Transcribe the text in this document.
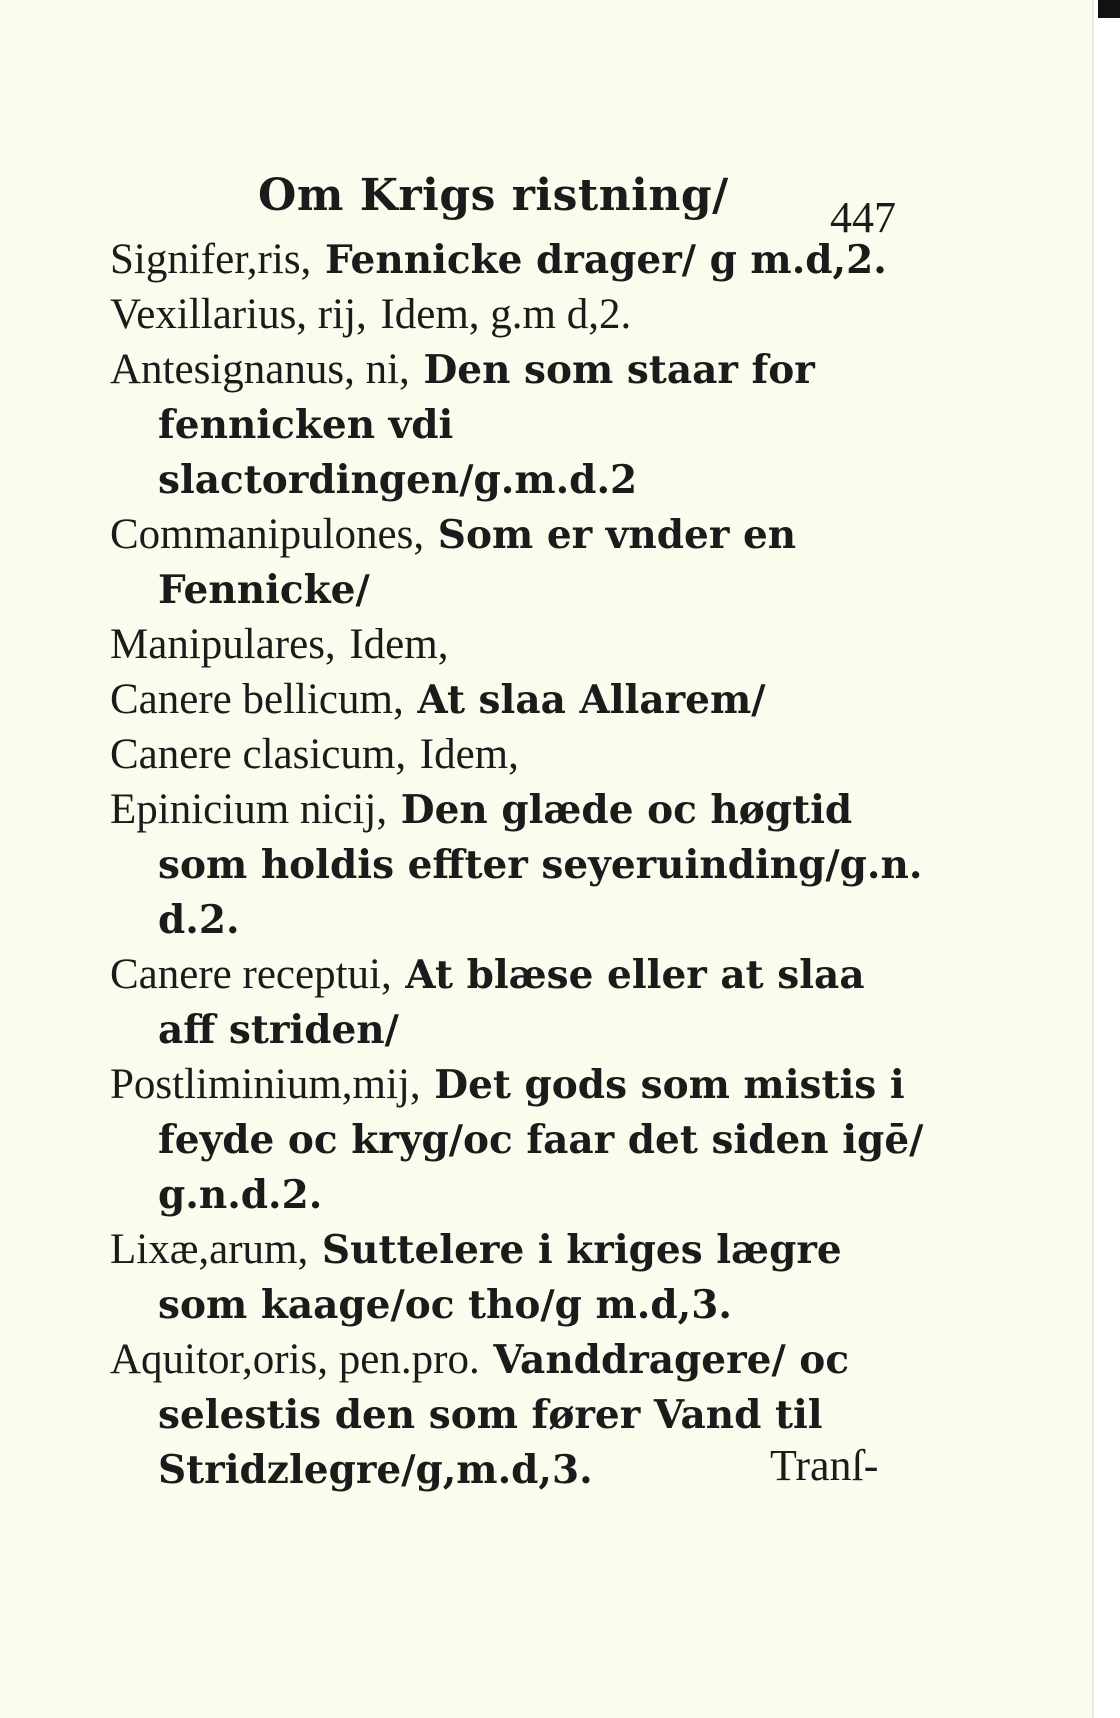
Om Krigs ristning/ 447
Signifer,ris, Fennicke drager/ g m.d,2.
Vexillarius, rij, Idem, g.m d,2.
Antesignanus, ni, Den som staar for fennicken vdi slactordingen/g.m.d.2
Commanipulones, Som er vnder en Fennicke/
Manipulares, Idem,
Canere bellicum, At slaa Allarem/
Canere clasicum, Idem,
Epinicium nicij, Den glæde oc høgtid som holdis effter seyeruinding/g.n. d.2.
Canere receptui, At blæse eller at slaa aff striden/
Postliminium,mij, Det gods som mistis i feyde oc kryg/oc faar det siden igē/ g.n.d.2.
Lixæ,arum, Suttelere i kriges lægre som kaage/oc tho/g m.d,3.
Aquitor,oris, pen.pro. Vanddragere/ oc selestis den som fører Vand til Stridzlegre/g,m.d,3.	Tranſ-
